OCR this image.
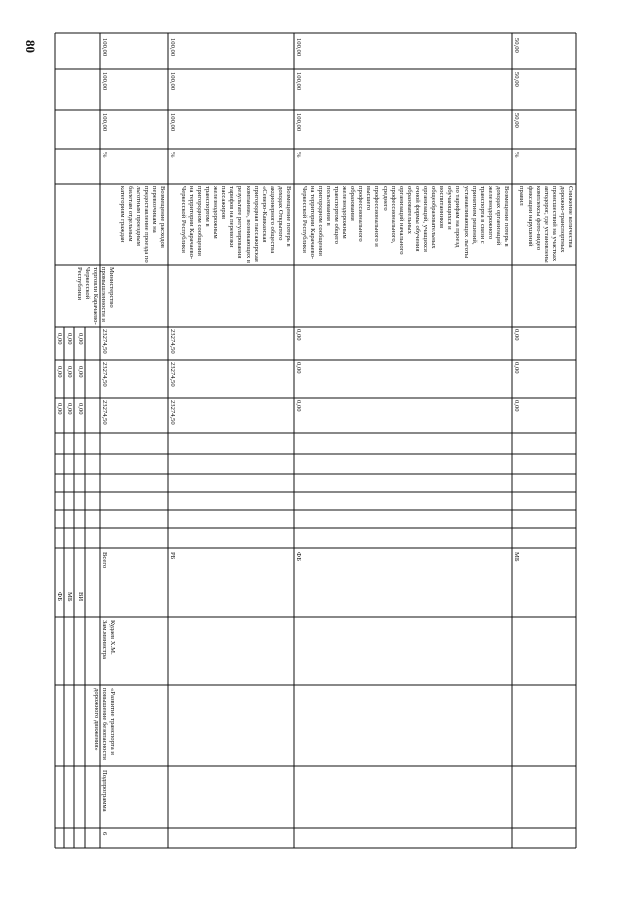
80
ФБ МБ ВИ
0,00
0,00
0,00
0,00
0,00
0,00
0,00
0,00
0,00
6
Подпрограмма
«Развитие транспорта и повышение безопасности дорожного движения»
Кудаев Х.М. Зам.министра
Министерство промышленности и торговли Карачаево-Черкесской Республики
Всего
23274,50
23274,50
23274,50
Возмещение расходов перевозчикам на предоставление проезда по льготным проездным билетам отдельным категориям граждан
%
100,00
100,00
100,00
РБ
23274,50
23274,50
23274,50
Возмещение потерь в доходах Открытого акционерного общества «Северо-Кавказская пригородная пассажирская компания», возникающих в результате регулирования тарифов на перевозки пассажиров железнодорожным транспортом в пригородном сообщении на территории Карачаево-Черкесской Республики
%
100,00
100,00
100,00
ФБ
0,00
0,00
0,00
Возмещение потерь в доходах организаций железнодорожного транспорта в связи с принятием решений, устанавливающих льготы по тарифам на проезд обучающихся и воспитанников общеобразовательных организаций, учащихся очной формы обучения образовательных организаций начального профессионального, среднего профессионального и высшего профессионального образования железнодорожным транспортом общего пользования в пригородном сообщении на территории Карачаево-Черкесской Республики
%
100,00
100,00
100,00
МБ
0,00
0,00
0,00
Снижение количества дорожно-транспортных происшествий на участках автодорог, где установлены комплексы фото-видео фиксации нарушений правил
%
50,00
50,00
50,00
